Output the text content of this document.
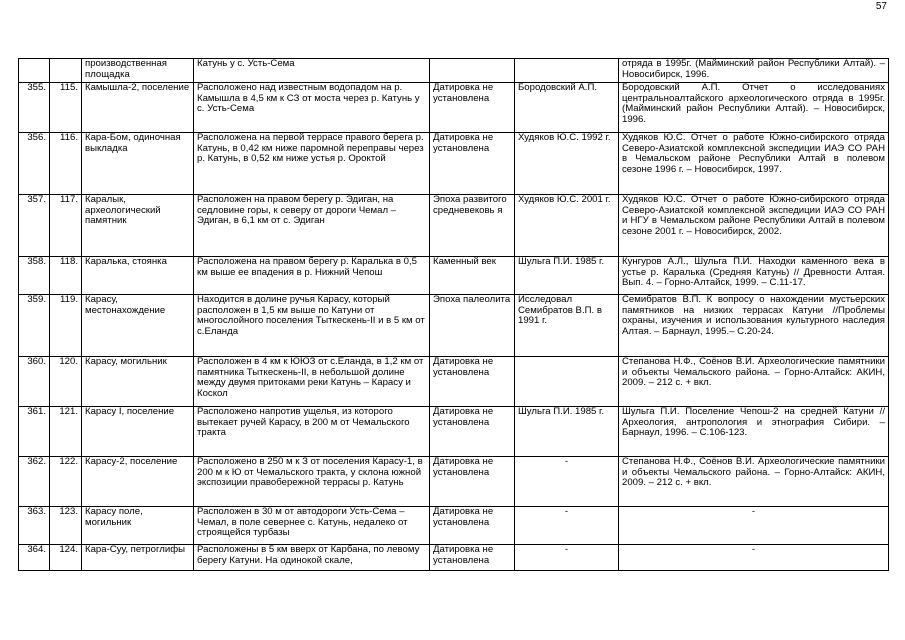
57
		производственная площадка	Катунь у с. Усть-Сема			отряда в 1995г. (Майминский район Республики Алтай). – Новосибирск, 1996.
355.	115.	Камышла-2, поселение	Расположено над известным водопадом на р. Камышла в 4,5 км к СЗ от моста через р. Катунь у с. Усть-Сема	Датировка не установлена	Бородовский А.П.	Бородовский А.П. Отчет о исследованиях центральноалтайского археологического отряда в 1995г. (Майминский район Республики Алтай). – Новосибирск, 1996.
356.	116.	Кара-Бом, одиночная выкладка	Расположена на первой террасе правого берега р. Катунь, в 0,42 км ниже паромной переправы через р. Катунь, в 0,52 км ниже устья р. Ороктой	Датировка не установлена	Худяков Ю.С. 1992 г.	Худяков Ю.С. Отчет о работе Южно-сибирского отряда Северо-Азиатской комплексной экспедиции ИАЭ СО РАН в Чемальском районе Республики Алтай в полевом сезоне 1996 г. – Новосибирск, 1997.
357.	117.	Каралык, археологический памятник	Расположен на правом берегу р. Эдиган, на седловине горы, к северу от дороги Чемал – Эдиган, в 6,1 км от с. Эдиган	Эпоха развитого средневековь я	Худяков Ю.С. 2001 г.	Худяков Ю.С. Отчет о работе Южно-сибирского отряда Северо-Азиатской комплексной экспедиции ИАЭ СО РАН и НГУ в Чемальском районе Республики Алтай в полевом сезоне 2001 г. – Новосибирск, 2002.
358.	118.	Каралька, стоянка	Расположена на правом берегу р. Каралька в 0,5 км выше ее впадения в р. Нижний Чепош	Каменный век	Шульга П.И. 1985 г.	Кунгуров А.Л., Шульга П.И. Находки каменного века в устье р. Каралька (Средняя Катунь) // Древности Алтая. Вып. 4. – Горно-Алтайск, 1999. – С.11-17.
359.	119.	Карасу, местонахождение	Находится в долине ручья Карасу, который расположен в 1,5 км выше по Катуни от многослойного поселения Тыткескень-II и в 5 км от с.Еланда	Эпоха палеолита	Исследовал Семибратов В.П. в 1991 г.	Семибратов В.П. К вопросу о нахождении мустьерских памятников на низких террасах Катуни //Проблемы охраны, изучения и использования культурного наследия Алтая. – Барнаул, 1995.– С.20-24.
360.	120.	Карасу, могильник	Расположен в 4 км к ЮЮЗ от с.Еланда, в 1,2 км от памятника Тыткескень-II, в небольшой долине между двумя притоками реки Катунь – Карасу и Коскол	Датировка не установлена		Степанова Н.Ф., Соёнов В.И. Археологические памятники и объекты Чемальского района. – Горно-Алтайск: АКИН, 2009. – 212 с. + вкл.
361.	121.	Карасу I, поселение	Расположено напротив ущелья, из которого вытекает ручей Карасу, в 200 м от Чемальского тракта	Датировка не установлена	Шульга П.И. 1985 г.	Шульга П.И. Поселение Чепош-2 на средней Катуни // Археология, антропология и этнография Сибири. – Барнаул, 1996. – С.106-123.
362.	122.	Карасу-2, поселение	Расположено в 250 м к З от поселения Карасу-1, в 200 м к Ю от Чемальского тракта, у склона южной экспозиции правобережной террасы р. Катунь	Датировка не установлена	-	Степанова Н.Ф., Соёнов В.И. Археологические памятники и объекты Чемальского района. – Горно-Алтайск: АКИН, 2009. – 212 с. + вкл.
363.	123.	Карасу поле, могильник	Расположен в 30 м от автодороги Усть-Сема – Чемал, в поле севернее с. Катунь, недалеко от строящейся турбазы	Датировка не установлена	-	-
364.	124.	Кара-Суу, петроглифы	Расположены в 5 км вверх от Карбана, по левому берегу Катуни. На одинокой скале,	Датировка не установлена	-	-
